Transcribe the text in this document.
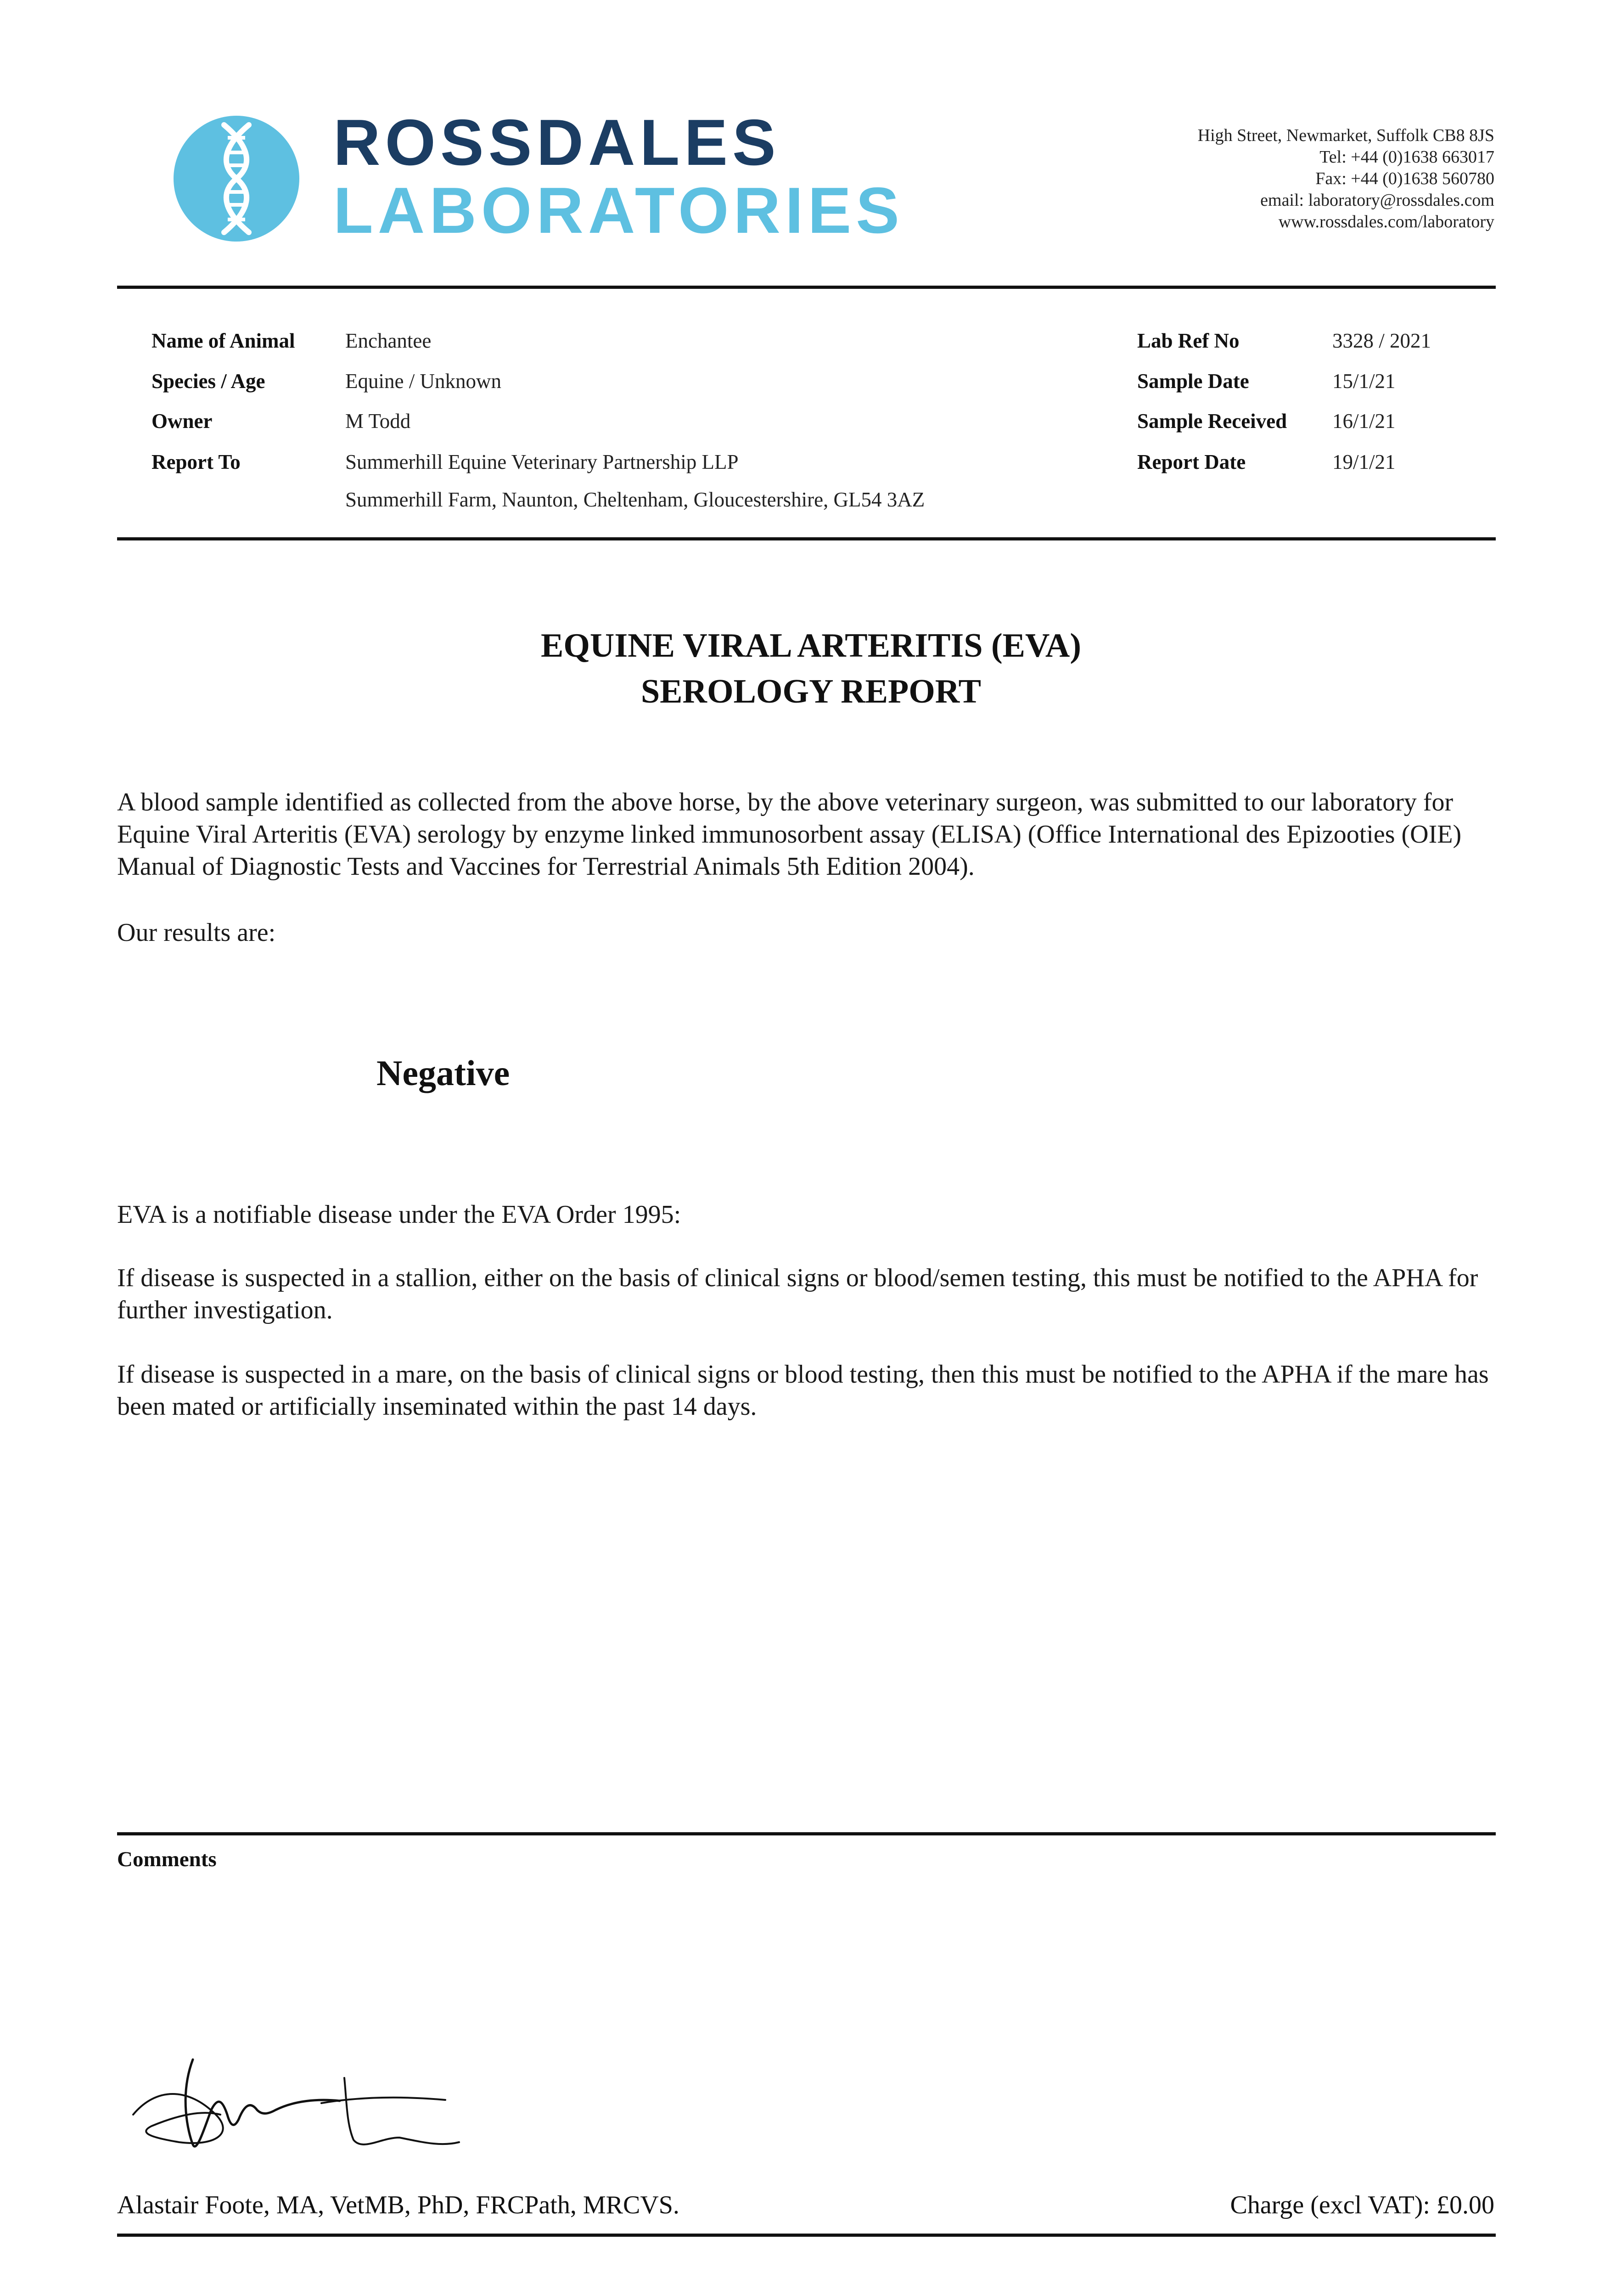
ROSSDALES
LABORATORIES
High Street, Newmarket, Suffolk CB8 8JS
Tel: +44 (0)1638 663017
Fax: +44 (0)1638 560780
email: laboratory@rossdales.com
www.rossdales.com/laboratory
Name of Animal Enchantee
Species / Age	Equine / Unknown
Owner	M Todd
Report To	Summerhill Equine Veterinary Partnership LLP
Summerhill Farm, Naunton, Cheltenham, Gloucestershire, GL54 3AZ
Lab Ref No	3328 / 2021
Sample Date	15/1/21
Sample Received 16/1/21
Report Date	19/1/21
EQUINE VIRAL ARTERITIS (EVA)
SEROLOGY REPORT

A blood sample identified as collected from the above horse, by the above veterinary surgeon, was submitted to our laboratory for Equine Viral Arteritis (EVA) serology by enzyme linked immunosorbent assay (ELISA) (Office International des Epizooties (OIE) Manual of Diagnostic Tests and Vaccines for Terrestrial Animals 5th Edition 2004).

Our results are:

Negative

EVA is a notifiable disease under the EVA Order 1995:

If disease is suspected in a stallion, either on the basis of clinical signs or blood/semen testing, this must be notified to the APHA for further investigation.

If disease is suspected in a mare, on the basis of clinical signs or blood testing, then this must be notified to the APHA if the mare has been mated or artificially inseminated within the past 14 days.

Comments
Alastair Foote, MA, VetMB, PhD, FRCPath, MRCVS.	Charge (excl VAT): £0.00
